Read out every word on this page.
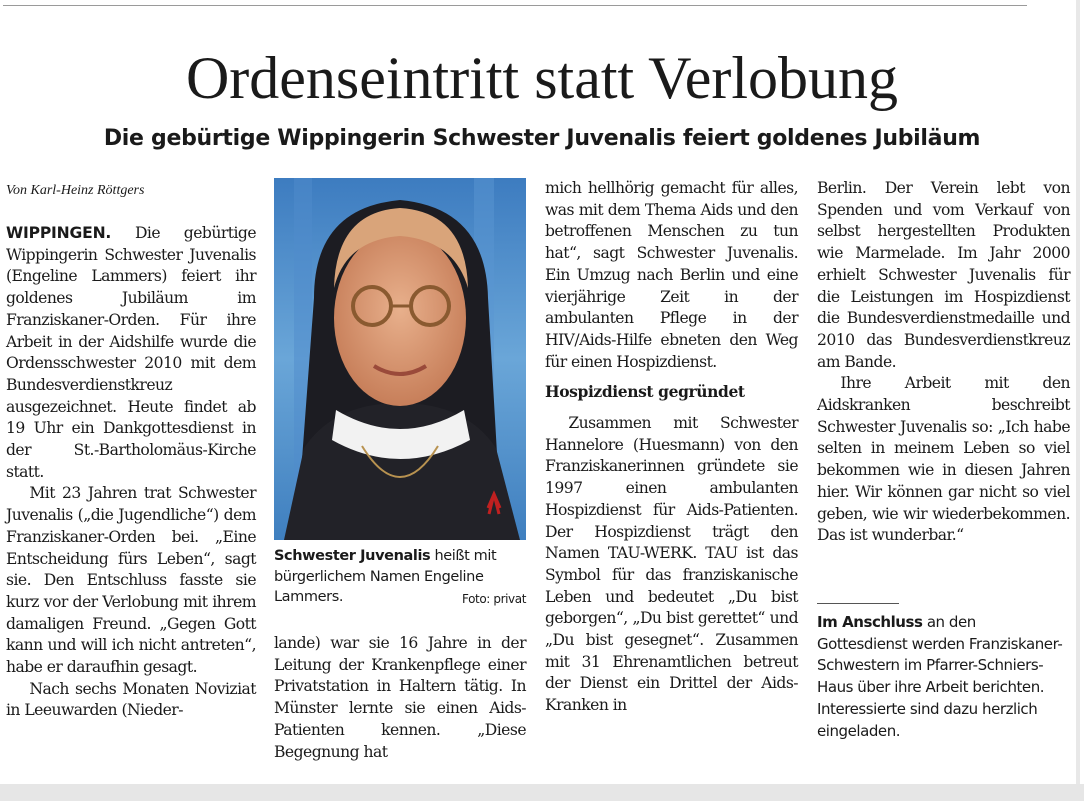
Ordenseintritt statt Verlobung
Die gebürtige Wippingerin Schwester Juvenalis feiert goldenes Jubiläum
Von Karl-Heinz Röttgers

WIPPINGEN. Die gebürtige Wippingerin Schwester Juvenalis (Engeline Lammers) feiert ihr goldenes Jubiläum im Franziskaner-Orden. Für ihre Arbeit in der Aidshilfe wurde die Ordensschwester 2010 mit dem Bundesverdienstkreuz ausgezeichnet. Heute findet ab 19 Uhr ein Dankgottesdienst in der St.-Bartholomäus-Kirche statt.

Mit 23 Jahren trat Schwester Juvenalis („die Jugendliche“) dem Franziskaner-Orden bei. „Eine Entscheidung fürs Leben“, sagt sie. Den Entschluss fasste sie kurz vor der Verlobung mit ihrem damaligen Freund. „Gegen Gott kann und will ich nicht antreten“, habe er daraufhin gesagt.

Nach sechs Monaten Noviziat in Leeuwarden (Nieder-

Schwester Juvenalis heißt mit bürgerlichem Namen Engeline Lammers.	Foto: privat

lande) war sie 16 Jahre in der Leitung der Krankenpflege einer Privatstation in Haltern tätig. In Münster lernte sie einen Aids-Patienten kennen. „Diese Begegnung hat

mich hellhörig gemacht für alles, was mit dem Thema Aids und den betroffenen Menschen zu tun hat“, sagt Schwester Juvenalis. Ein Umzug nach Berlin und eine vierjährige Zeit in der ambulanten Pflege in der HIV/Aids-Hilfe ebneten den Weg für einen Hospizdienst.

Hospizdienst gegründet

Zusammen mit Schwester Hannelore (Huesmann) von den Franziskanerinnen gründete sie 1997 einen ambulanten Hospizdienst für Aids-Patienten. Der Hospizdienst trägt den Namen TAU-WERK. TAU ist das Symbol für das franziskanische Leben und bedeutet „Du bist geborgen“, „Du bist gerettet“ und „Du bist gesegnet“. Zusammen mit 31 Ehrenamtlichen betreut der Dienst ein Drittel der Aids-Kranken in

Berlin. Der Verein lebt von Spenden und vom Verkauf von selbst hergestellten Produkten wie Marmelade. Im Jahr 2000 erhielt Schwester Juvenalis für die Leistungen im Hospizdienst die Bundesverdienstmedaille und 2010 das Bundesverdienstkreuz am Bande.

Ihre Arbeit mit den Aidskranken beschreibt Schwester Juvenalis so: „Ich habe selten in meinem Leben so viel bekommen wie in diesen Jahren hier. Wir können gar nicht so viel geben, wie wir wiederbekommen. Das ist wunderbar.“

Im Anschluss an den Gottesdienst werden Franziskaner-Schwestern im Pfarrer-Schniers-Haus über ihre Arbeit berichten. Interessierte sind dazu herzlich eingeladen.
